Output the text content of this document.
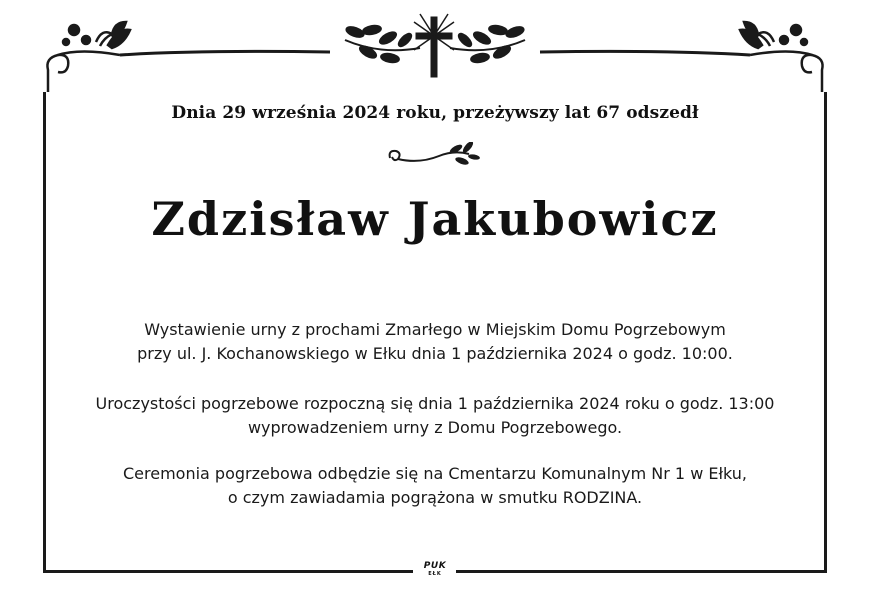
Dnia 29 września 2024 roku, przeżywszy lat 67 odszedł
Zdzisław Jakubowicz
Wystawienie urny z prochami Zmarłego w Miejskim Domu Pogrzebowym
przy ul. J. Kochanowskiego w Ełku dnia 1 października 2024 o godz. 10:00.
Uroczystości pogrzebowe rozpoczną się dnia 1 października 2024 roku o godz. 13:00
wyprowadzeniem urny z Domu Pogrzebowego.
Ceremonia pogrzebowa odbędzie się na Cmentarzu Komunalnym Nr 1 w Ełku,
o czym zawiadamia pogrążona w smutku RODZINA.
PUK
EŁK
